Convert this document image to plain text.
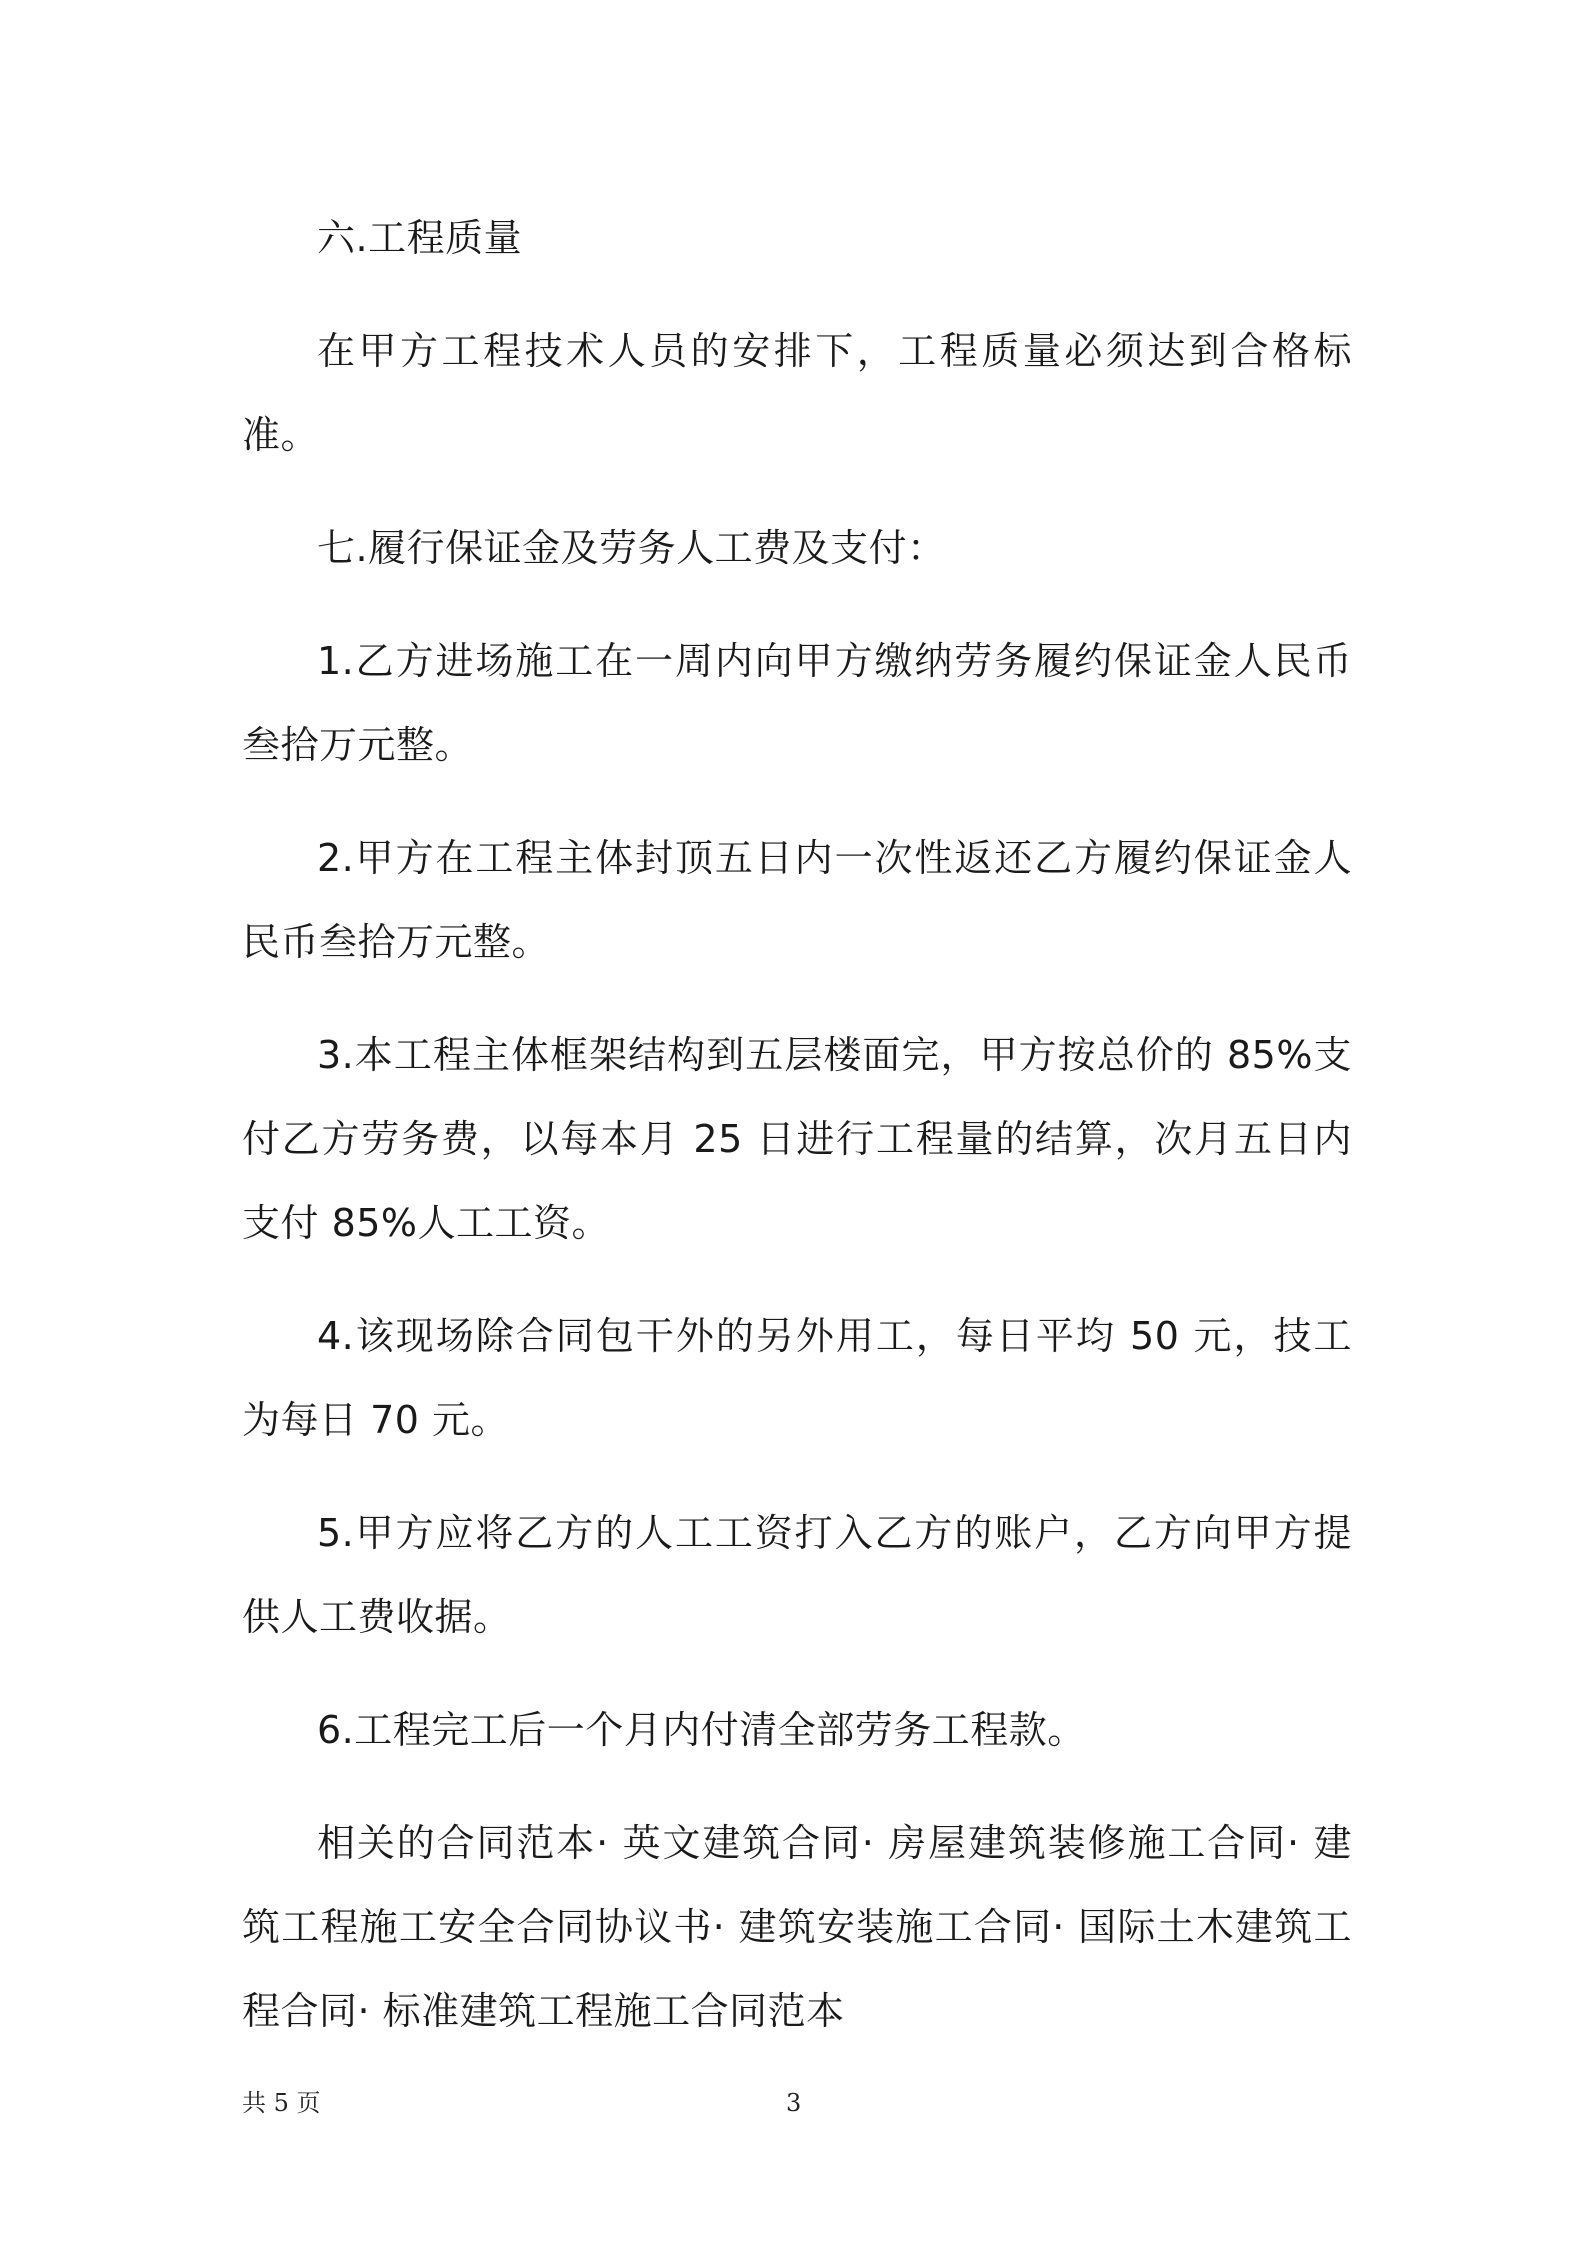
六.工程质量

在甲方工程技术人员的安排下，工程质量必须达到合格标准。

七.履行保证金及劳务人工费及支付：

1.乙方进场施工在一周内向甲方缴纳劳务履约保证金人民币叁拾万元整。

2.甲方在工程主体封顶五日内一次性返还乙方履约保证金人民币叁拾万元整。

3.本工程主体框架结构到五层楼面完，甲方按总价的 85%支付乙方劳务费，以每本月 25 日进行工程量的结算，次月五日内支付 85%人工工资。

4.该现场除合同包干外的另外用工，每日平均 50 元，技工为每日 70 元。

5.甲方应将乙方的人工工资打入乙方的账户，乙方向甲方提供人工费收据。

6.工程完工后一个月内付清全部劳务工程款。

相关的合同范本· 英文建筑合同· 房屋建筑装修施工合同· 建筑工程施工安全合同协议书· 建筑安装施工合同· 国际土木建筑工程合同· 标准建筑工程施工合同范本

共 5 页	3
